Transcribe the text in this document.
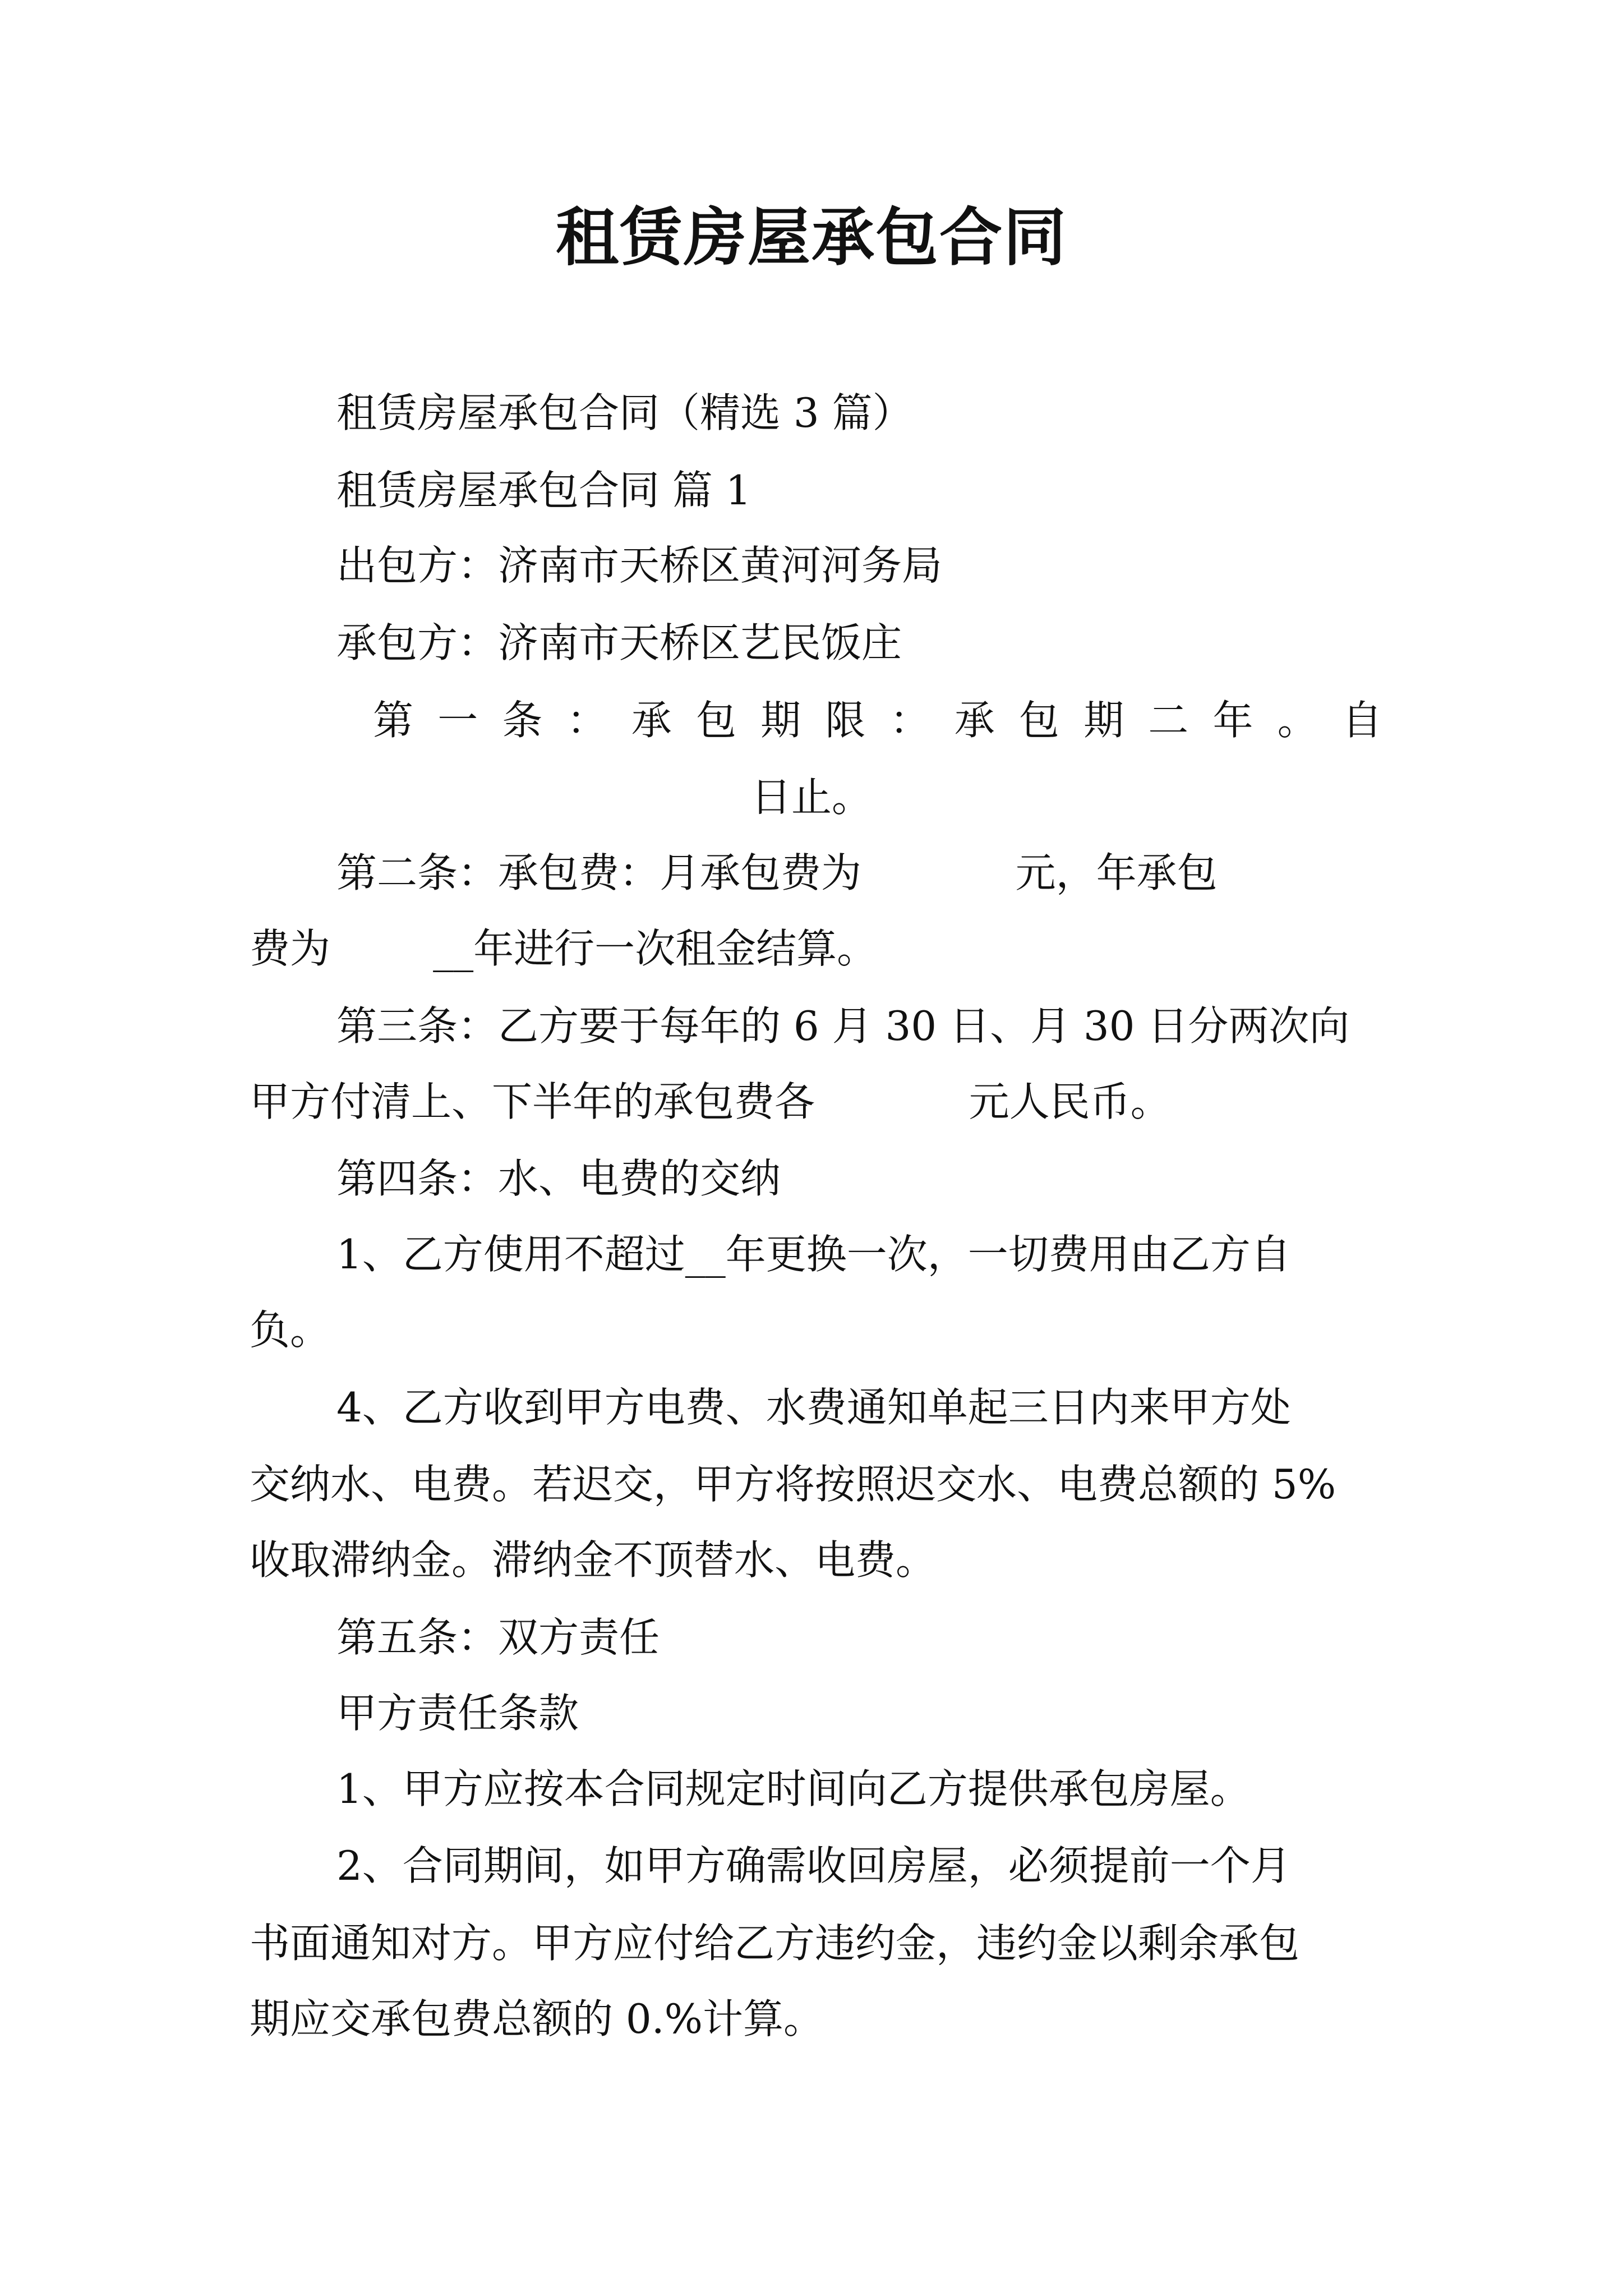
租赁房屋承包合同
租赁房屋承包合同（精选 3 篇）
租赁房屋承包合同 篇 1
出包方：济南市天桥区黄河河务局
承包方：济南市天桥区艺民饭庄
第 一 条 ： 承 包 期 限 ： 承 包 期 二 年 。 自
日止。
第二条：承包费：月承包费为            元，年承包
费为        __年进行一次租金结算。
第三条：乙方要于每年的 6 月 30 日、月 30 日分两次向
甲方付清上、下半年的承包费各            元人民币。
第四条：水、电费的交纳
1、乙方使用不超过__年更换一次，一切费用由乙方自
负。
4、乙方收到甲方电费、水费通知单起三日内来甲方处
交纳水、电费。若迟交，甲方将按照迟交水、电费总额的 5%
收取滞纳金。滞纳金不顶替水、电费。
第五条：双方责任
甲方责任条款
1、甲方应按本合同规定时间向乙方提供承包房屋。
2、合同期间，如甲方确需收回房屋，必须提前一个月
书面通知对方。甲方应付给乙方违约金，违约金以剩余承包
期应交承包费总额的 0.%计算。
